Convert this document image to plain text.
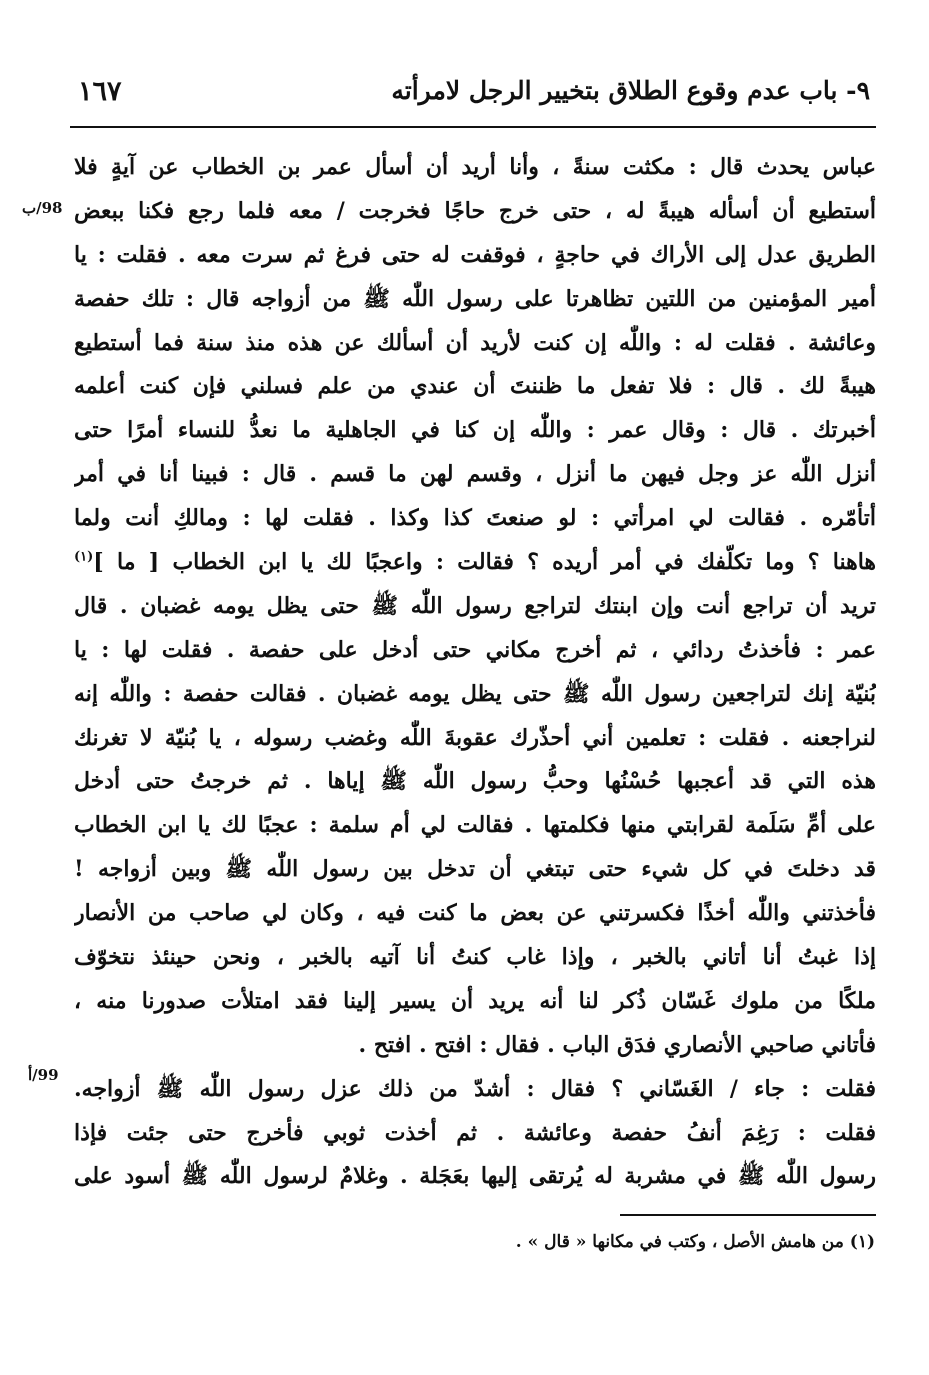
٩- باب عدم وقوع الطلاق بتخيير الرجل لامرأته
١٦٧
98/ب
99/أ
عباس يحدث قال : مكثت سنةً ، وأنا أريد أن أسأل عمر بن الخطاب عن آيةٍ فلا
أستطيع أن أسأله هيبةً له ، حتى خرج حاجًا فخرجت / معه فلما رجع فكنا ببعض
الطريق عدل إلى الأراك في حاجةٍ ، فوقفت له حتى فرغ ثم سرت معه . فقلت : يا
أمير المؤمنين من اللتين تظاهرتا على رسول اللّٰه ﷺ من أزواجه قال : تلك حفصة
وعائشة . فقلت له : واللّٰه إن كنت لأريد أن أسألك عن هذه منذ سنة فما أستطيع
هيبةً لك . قال : فلا تفعل ما ظننتَ أن عندي من علم فسلني فإن كنت أعلمه
أخبرتك . قال : وقال عمر : واللّٰه إن كنا في الجاهلية ما نعدُّ للنساء أمرًا حتى
أنزل اللّٰه عز وجل فيهن ما أنزل ، وقسم لهن ما قسم . قال : فبينا أنا في أمر
أتأمّره . فقالت لي امرأتي : لو صنعتَ كذا وكذا . فقلت لها : ومالكِ أنت ولما
هاهنا ؟ وما تكلّفك في أمر أريده ؟ فقالت : واعجبًا لك يا ابن الخطاب [ ما ]$^{(١)}$
تريد أن تراجع أنت وإن ابنتك لتراجع رسول اللّٰه ﷺ حتى يظل يومه غضبان . قال
عمر : فأخذتُ ردائي ، ثم أخرج مكاني حتى أدخل على حفصة . فقلت لها : يا
بُنيّة إنك لتراجعين رسول اللّٰه ﷺ حتى يظل يومه غضبان . فقالت حفصة : واللّٰه إنه
لنراجعنه . فقلت : تعلمين أني أحذّرك عقوبةَ اللّٰه وغضب رسوله ، يا بُنيّة لا تغرنك
هذه التي قد أعجبها حُسْنُها وحبُّ رسول اللّٰه ﷺ إياها . ثم خرجتُ حتى أدخل
على أمِّ سَلَمة لقرابتي منها فكلمتها . فقالت لي أم سلمة : عجبًا لك يا ابن الخطاب
قد دخلتَ في كل شيء حتى تبتغي أن تدخل بين رسول اللّٰه ﷺ وبين أزواجه !
فأخذتني واللّٰه أخذًا فكسرتني عن بعض ما كنت فيه ، وكان لي صاحب من الأنصار
إذا غبتُ أنا أتاني بالخبر ، وإذا غاب كنتُ أنا آتيه بالخبر ، ونحن حينئذ نتخوّف
ملكًا من ملوك غَسّان ذُكر لنا أنه يريد أن يسير إلينا فقد امتلأت صدورنا منه ،
فأتاني صاحبي الأنصاري فدَق الباب . فقال : افتح . افتح .
فقلت : جاء / الغَسّاني ؟ فقال : أشدّ من ذلك عزل رسول اللّٰه ﷺ أزواجه.
فقلت : رَغِمَ أنفُ حفصة وعائشة . ثم أخذت ثوبي فأخرج حتى جئت فإذا
رسول اللّٰه ﷺ في مشربة له يُرتقى إليها بعَجَلة . وغلامٌ لرسول اللّٰه ﷺ أسود على
(١) من هامش الأصل ، وكتب في مكانها « قال » .
